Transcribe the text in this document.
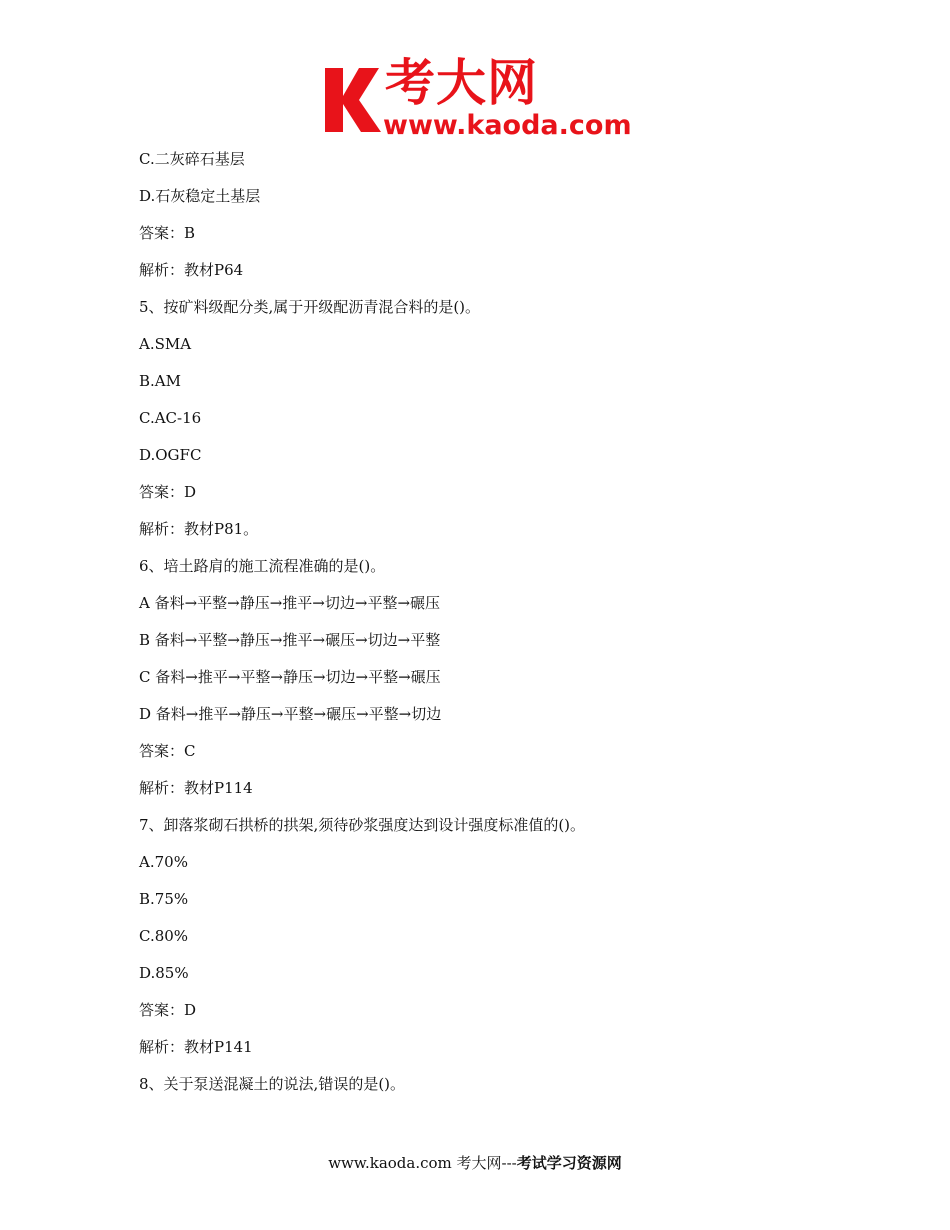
考大网
www.kaoda.com
C.二灰碎石基层
D.石灰稳定土基层
答案：B
解析：教材P64
5、按矿料级配分类,属于开级配沥青混合料的是()。
A.SMA
B.AM
C.AC-16
D.OGFC
答案：D
解析：教材P81。
6、培土路肩的施工流程准确的是()。
A 备料→平整→静压→推平→切边→平整→碾压
B 备料→平整→静压→推平→碾压→切边→平整
C 备料→推平→平整→静压→切边→平整→碾压
D 备料→推平→静压→平整→碾压→平整→切边
答案：C
解析：教材P114
7、卸落浆砌石拱桥的拱架,须待砂浆强度达到设计强度标准值的()。
A.70%
B.75%
C.80%
D.85%
答案：D
解析：教材P141
8、关于泵送混凝土的说法,错误的是()。
www.kaoda.com 考大网---考试学习资源网
